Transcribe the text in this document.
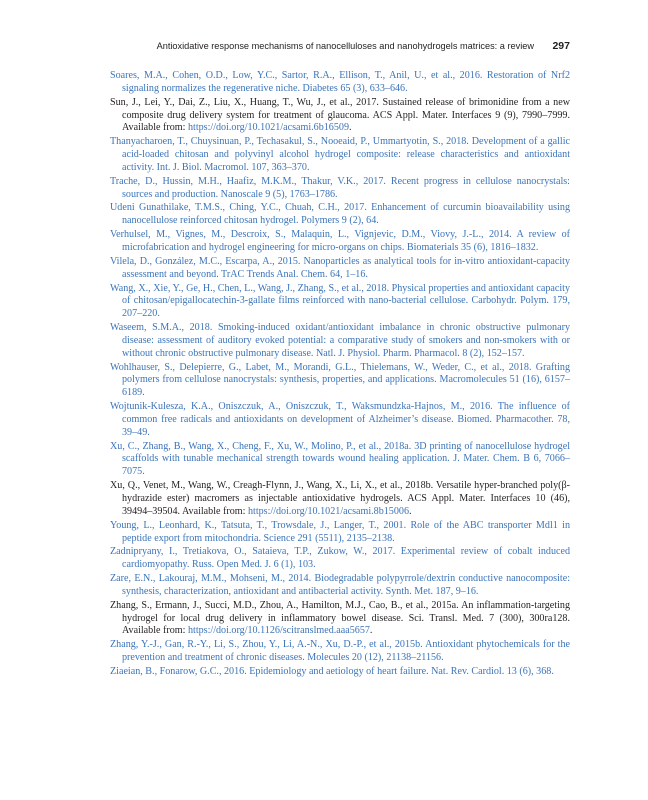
Antioxidative response mechanisms of nanocelluloses and nanohydrogels matrices: a review 297

Soares, M.A., Cohen, O.D., Low, Y.C., Sartor, R.A., Ellison, T., Anil, U., et al., 2016. Restoration of Nrf2 signaling normalizes the regenerative niche. Diabetes 65 (3), 633–646.

Sun, J., Lei, Y., Dai, Z., Liu, X., Huang, T., Wu, J., et al., 2017. Sustained release of brimonidine from a new composite drug delivery system for treatment of glaucoma. ACS Appl. Mater. Interfaces 9 (9), 7990–7999. Available from: https://doi.org/10.1021/acsami.6b16509.

Thanyacharoen, T., Chuysinuan, P., Techasakul, S., Nooeaid, P., Ummartyotin, S., 2018. Development of a gallic acid-loaded chitosan and polyvinyl alcohol hydrogel composite: release characteristics and antioxidant activity. Int. J. Biol. Macromol. 107, 363–370.

Trache, D., Hussin, M.H., Haafiz, M.K.M., Thakur, V.K., 2017. Recent progress in cellulose nanocrystals: sources and production. Nanoscale 9 (5), 1763–1786.

Udeni Gunathilake, T.M.S., Ching, Y.C., Chuah, C.H., 2017. Enhancement of curcumin bioavailability using nanocellulose reinforced chitosan hydrogel. Polymers 9 (2), 64.

Verhulsel, M., Vignes, M., Descroix, S., Malaquin, L., Vignjevic, D.M., Viovy, J.-L., 2014. A review of microfabrication and hydrogel engineering for micro-organs on chips. Biomaterials 35 (6), 1816–1832.

Vilela, D., González, M.C., Escarpa, A., 2015. Nanoparticles as analytical tools for in-vitro antioxidant-capacity assessment and beyond. TrAC Trends Anal. Chem. 64, 1–16.

Wang, X., Xie, Y., Ge, H., Chen, L., Wang, J., Zhang, S., et al., 2018. Physical properties and antioxidant capacity of chitosan/epigallocatechin-3-gallate films reinforced with nano-bacterial cellulose. Carbohydr. Polym. 179, 207–220.

Waseem, S.M.A., 2018. Smoking-induced oxidant/antioxidant imbalance in chronic obstructive pulmonary disease: assessment of auditory evoked potential: a comparative study of smokers and non-smokers with or without chronic obstructive pulmonary disease. Natl. J. Physiol. Pharm. Pharmacol. 8 (2), 152–157.

Wohlhauser, S., Delepierre, G., Labet, M., Morandi, G.L., Thielemans, W., Weder, C., et al., 2018. Grafting polymers from cellulose nanocrystals: synthesis, properties, and applications. Macromolecules 51 (16), 6157–6189.

Wojtunik-Kulesza, K.A., Oniszczuk, A., Oniszczuk, T., Waksmundzka-Hajnos, M., 2016. The influence of common free radicals and antioxidants on development of Alzheimer’s disease. Biomed. Pharmacother. 78, 39–49.

Xu, C., Zhang, B., Wang, X., Cheng, F., Xu, W., Molino, P., et al., 2018a. 3D printing of nanocellulose hydrogel scaffolds with tunable mechanical strength towards wound healing application. J. Mater. Chem. B 6, 7066–7075.

Xu, Q., Venet, M., Wang, W., Creagh-Flynn, J., Wang, X., Li, X., et al., 2018b. Versatile hyper-branched poly(β-hydrazide ester) macromers as injectable antioxidative hydrogels. ACS Appl. Mater. Interfaces 10 (46), 39494–39504. Available from: https://doi.org/10.1021/acsami.8b15006.

Young, L., Leonhard, K., Tatsuta, T., Trowsdale, J., Langer, T., 2001. Role of the ABC transporter Mdl1 in peptide export from mitochondria. Science 291 (5511), 2135–2138.

Zadnipryany, I., Tretiakova, O., Sataieva, T.P., Zukow, W., 2017. Experimental review of cobalt induced cardiomyopathy. Russ. Open Med. J. 6 (1), 103.

Zare, E.N., Lakouraj, M.M., Mohseni, M., 2014. Biodegradable polypyrrole/dextrin conductive nanocomposite: synthesis, characterization, antioxidant and antibacterial activity. Synth. Met. 187, 9–16.

Zhang, S., Ermann, J., Succi, M.D., Zhou, A., Hamilton, M.J., Cao, B., et al., 2015a. An inflammation-targeting hydrogel for local drug delivery in inflammatory bowel disease. Sci. Transl. Med. 7 (300), 300ra128. Available from: https://doi.org/10.1126/scitranslmed.aaa5657.

Zhang, Y.-J., Gan, R.-Y., Li, S., Zhou, Y., Li, A.-N., Xu, D.-P., et al., 2015b. Antioxidant phytochemicals for the prevention and treatment of chronic diseases. Molecules 20 (12), 21138–21156.

Ziaeian, B., Fonarow, G.C., 2016. Epidemiology and aetiology of heart failure. Nat. Rev. Cardiol. 13 (6), 368.
